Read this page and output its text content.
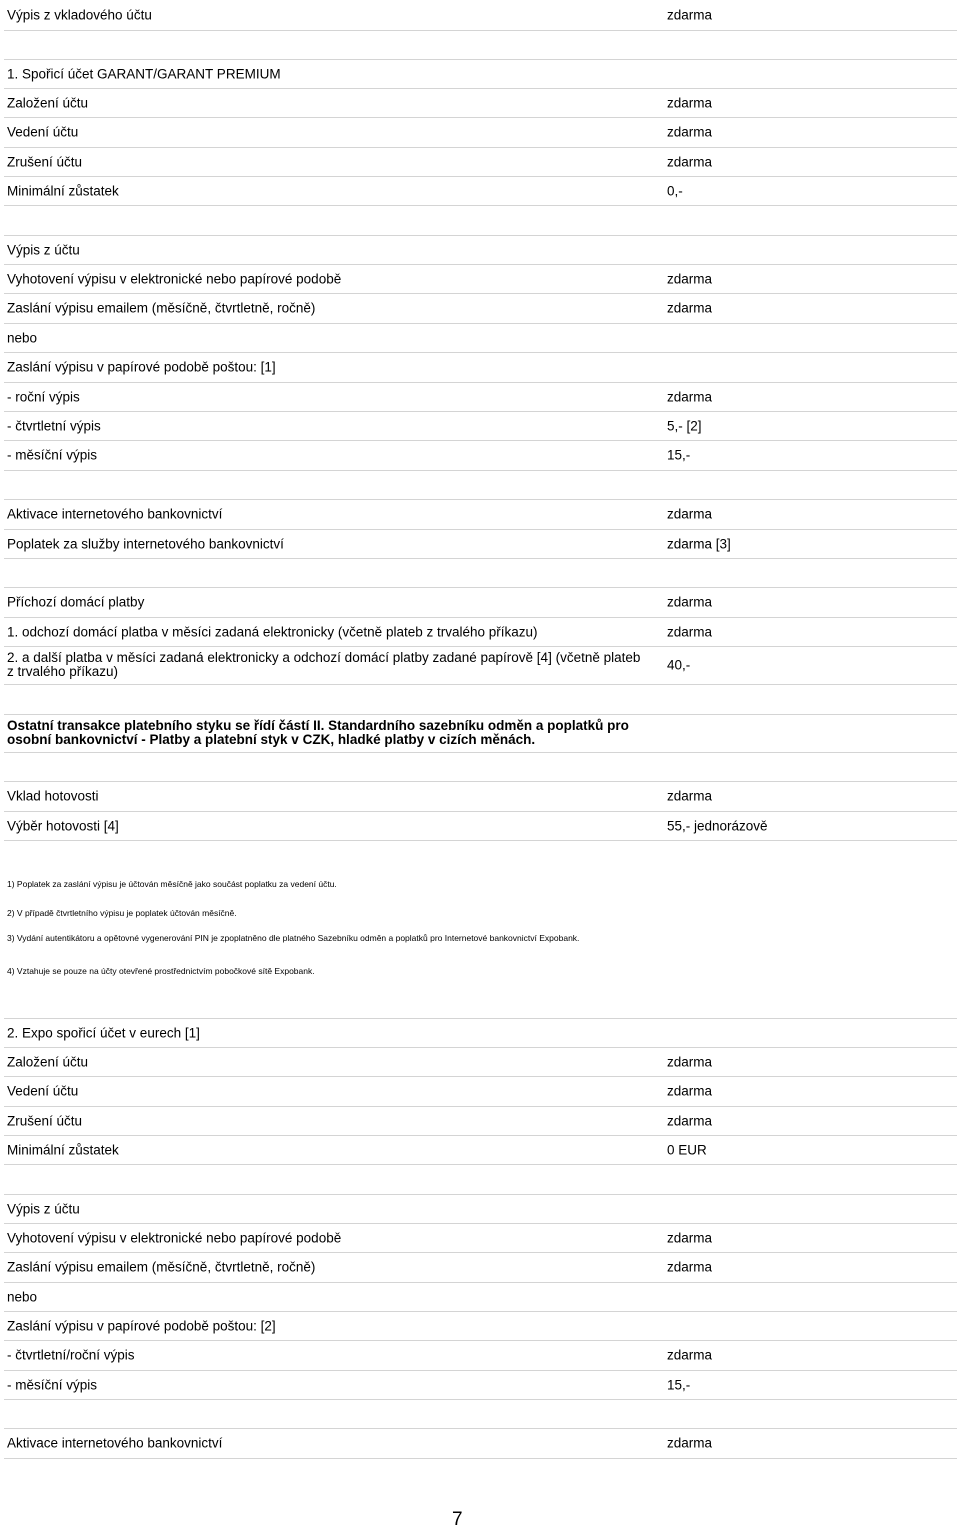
Výpis z vkladového účtu	zdarma
1. Spořicí účet GARANT/GARANT PREMIUM
Založení účtu	zdarma
Vedení účtu	zdarma
Zrušení účtu	zdarma
Minimální zůstatek	0,-
Výpis z účtu
Vyhotovení výpisu v elektronické nebo papírové podobě	zdarma
Zaslání výpisu emailem (měsíčně, čtvrtletně, ročně)	zdarma
nebo
Zaslání výpisu v papírové podobě poštou: [1]
- roční výpis	zdarma
- čtvrtletní výpis	5,- [2]
- měsíční výpis	15,-
Aktivace internetového bankovnictví	zdarma
Poplatek za služby internetového bankovnictví	zdarma [3]
Příchozí domácí platby	zdarma
1. odchozí domácí platba v měsíci zadaná elektronicky (včetně plateb z trvalého příkazu)	zdarma
2. a další platba v měsíci zadaná elektronicky a odchozí domácí platby zadané papírově [4] (včetně plateb z trvalého příkazu)	40,-
Ostatní transakce platebního styku se řídí částí II. Standardního sazebníku odměn a poplatků pro osobní bankovnictví - Platby a platební styk v CZK, hladké platby v cizích měnách.
Vklad hotovosti	zdarma
Výběr hotovosti [4]	55,- jednorázově
1) Poplatek za zaslání výpisu je účtován měsíčně jako součást poplatku za vedení účtu.
2) V případě čtvrtletního výpisu je poplatek účtován měsíčně.
3) Vydání autentikátoru a opětovné vygenerování PIN je zpoplatněno dle platného Sazebníku odměn a poplatků pro Internetové bankovnictví Expobank.
4) Vztahuje se pouze na účty otevřené prostřednictvím pobočkové sítě Expobank.
2. Expo spořicí účet v eurech [1]
Založení účtu	zdarma
Vedení účtu	zdarma
Zrušení účtu	zdarma
Minimální zůstatek	0 EUR
Výpis z účtu
Vyhotovení výpisu v elektronické nebo papírové podobě	zdarma
Zaslání výpisu emailem (měsíčně, čtvrtletně, ročně)	zdarma
nebo
Zaslání výpisu v papírové podobě poštou: [2]
- čtvrtletní/roční výpis	zdarma
- měsíční výpis	15,-
Aktivace internetového bankovnictví	zdarma
7
